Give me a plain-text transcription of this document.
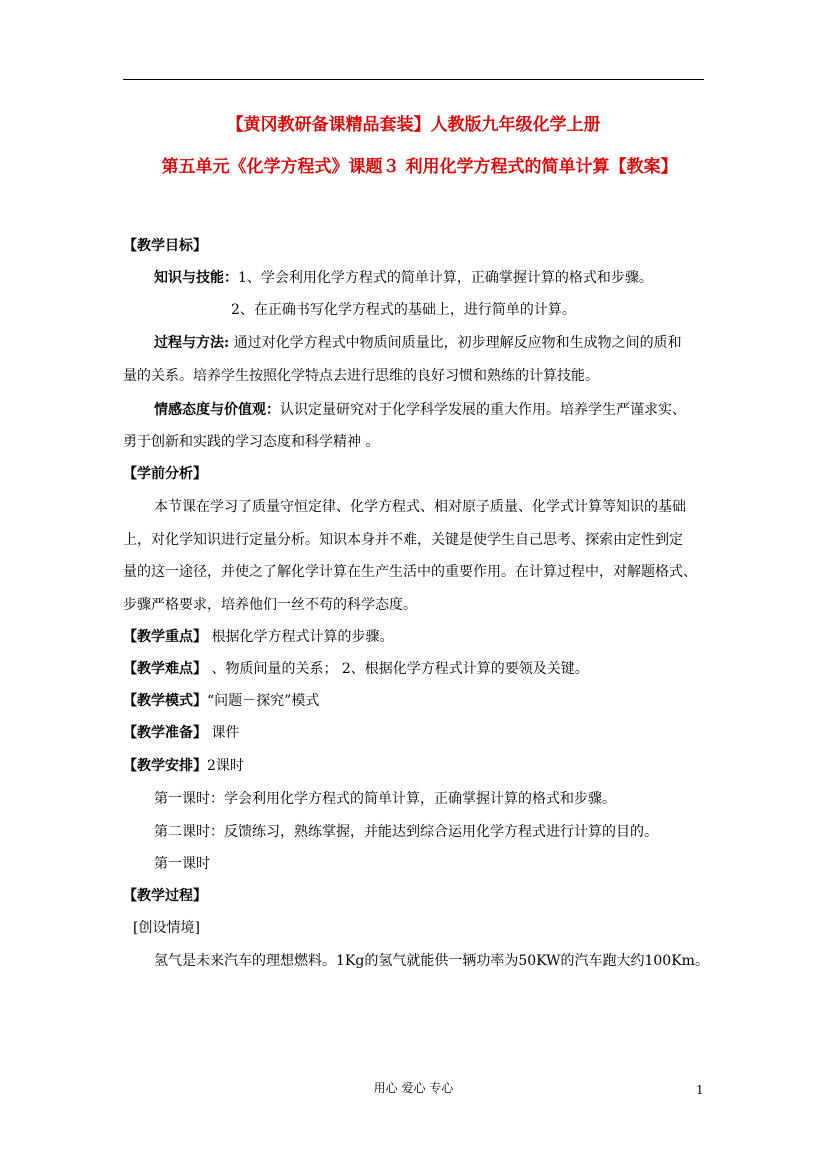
【黄冈教研备课精品套装】人教版九年级化学上册
第五单元《化学方程式》课题３ 利用化学方程式的简单计算【教案】
【教学目标】
知识与技能：1、学会利用化学方程式的简单计算，正确掌握计算的格式和步骤。
2、在正确书写化学方程式的基础上，进行简单的计算。
过程与方法: 通过对化学方程式中物质间质量比，初步理解反应物和生成物之间的质和
量的关系。培养学生按照化学特点去进行思维的良好习惯和熟练的计算技能。
情感态度与价值观：认识定量研究对于化学科学发展的重大作用。培养学生严谨求实、
勇于创新和实践的学习态度和科学精神 。
【学前分析】
本节课在学习了质量守恒定律、化学方程式、相对原子质量、化学式计算等知识的基础
上，对化学知识进行定量分析。知识本身并不难，关键是使学生自己思考、探索由定性到定
量的这一途径，并使之了解化学计算在生产生活中的重要作用。在计算过程中，对解题格式、
步骤严格要求，培养他们一丝不苟的科学态度。
【教学重点】 根据化学方程式计算的步骤。
【教学难点】 、物质间量的关系； 2、根据化学方程式计算的要领及关键。
【教学模式】“问题－探究”模式
【教学准备】 课件
【教学安排】2课时
第一课时：学会利用化学方程式的简单计算，正确掌握计算的格式和步骤。
第二课时：反馈练习，熟练掌握，并能达到综合运用化学方程式进行计算的目的。
第一课时
【教学过程】
[创设情境]
氢气是未来汽车的理想燃料。1Kg的氢气就能供一辆功率为50KW的汽车跑大约100Km。
用心 爱心 专心	1
